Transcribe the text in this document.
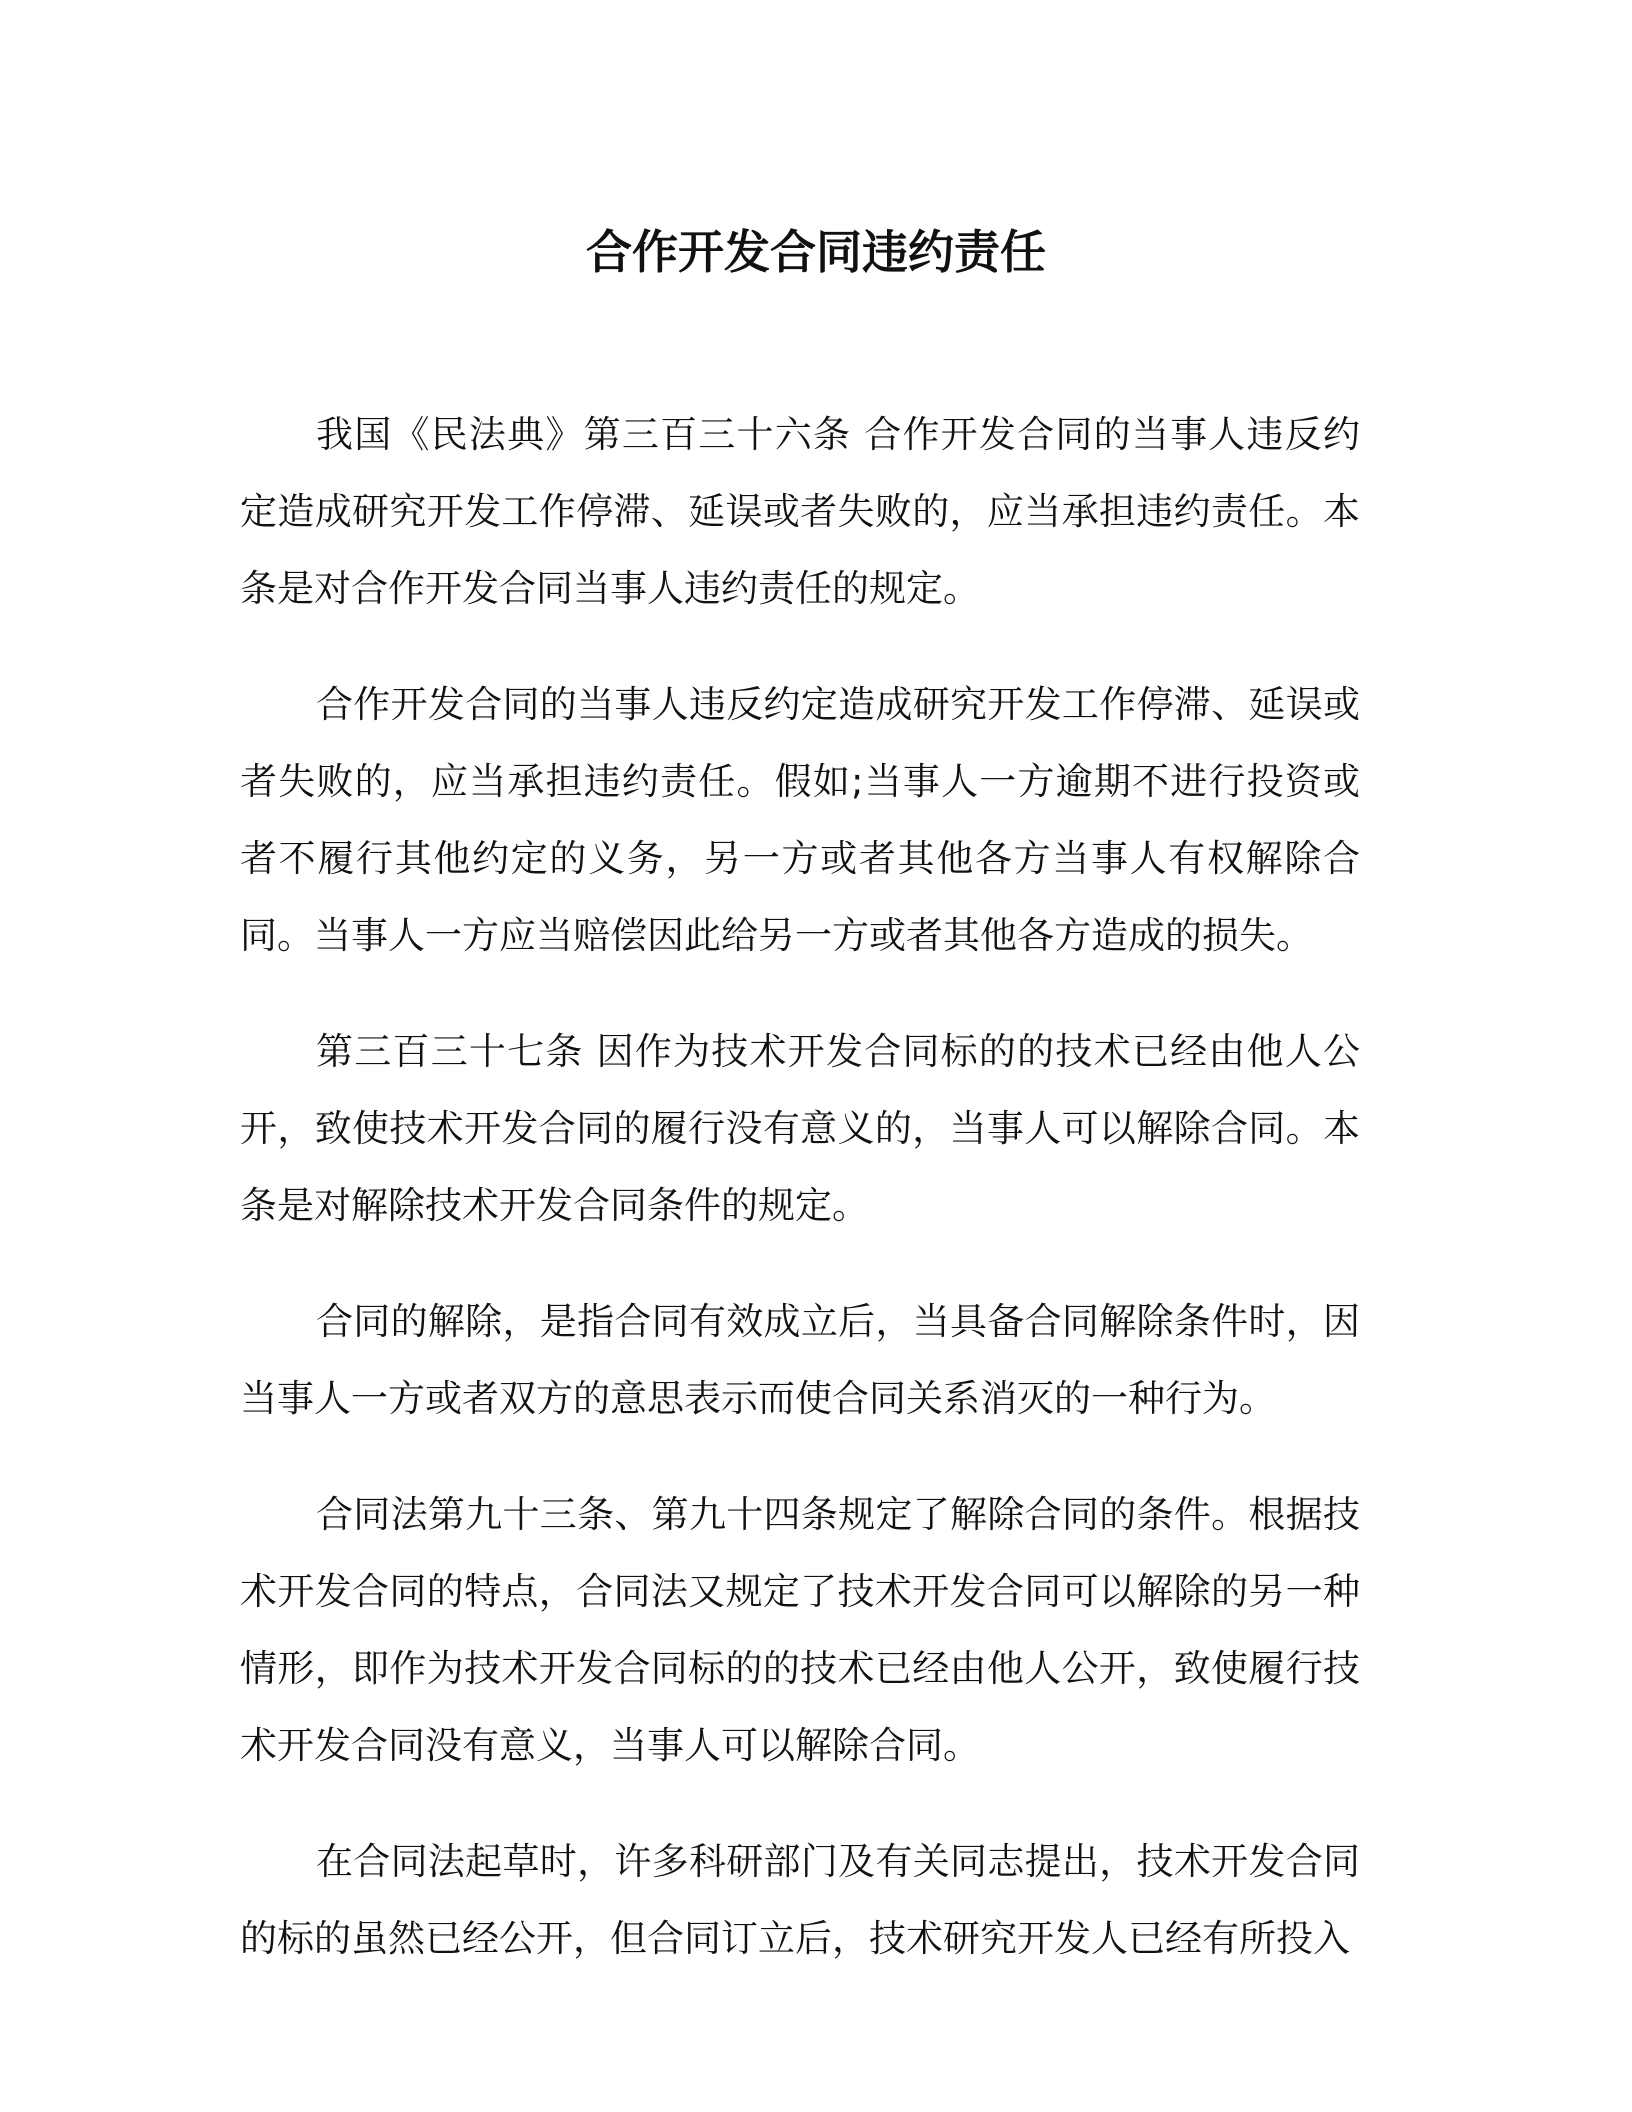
合作开发合同违约责任

我国《民法典》第三百三十六条 合作开发合同的当事人违反约定造成研究开发工作停滞、延误或者失败的，应当承担违约责任。本条是对合作开发合同当事人违约责任的规定。

合作开发合同的当事人违反约定造成研究开发工作停滞、延误或者失败的，应当承担违约责任。假如;当事人一方逾期不进行投资或者不履行其他约定的义务，另一方或者其他各方当事人有权解除合同。当事人一方应当赔偿因此给另一方或者其他各方造成的损失。

第三百三十七条 因作为技术开发合同标的的技术已经由他人公开，致使技术开发合同的履行没有意义的，当事人可以解除合同。本条是对解除技术开发合同条件的规定。

合同的解除，是指合同有效成立后，当具备合同解除条件时，因当事人一方或者双方的意思表示而使合同关系消灭的一种行为。

合同法第九十三条、第九十四条规定了解除合同的条件。根据技术开发合同的特点，合同法又规定了技术开发合同可以解除的另一种情形，即作为技术开发合同标的的技术已经由他人公开，致使履行技术开发合同没有意义，当事人可以解除合同。

在合同法起草时，许多科研部门及有关同志提出，技术开发合同的标的虽然已经公开，但合同订立后，技术研究开发人已经有所投入
